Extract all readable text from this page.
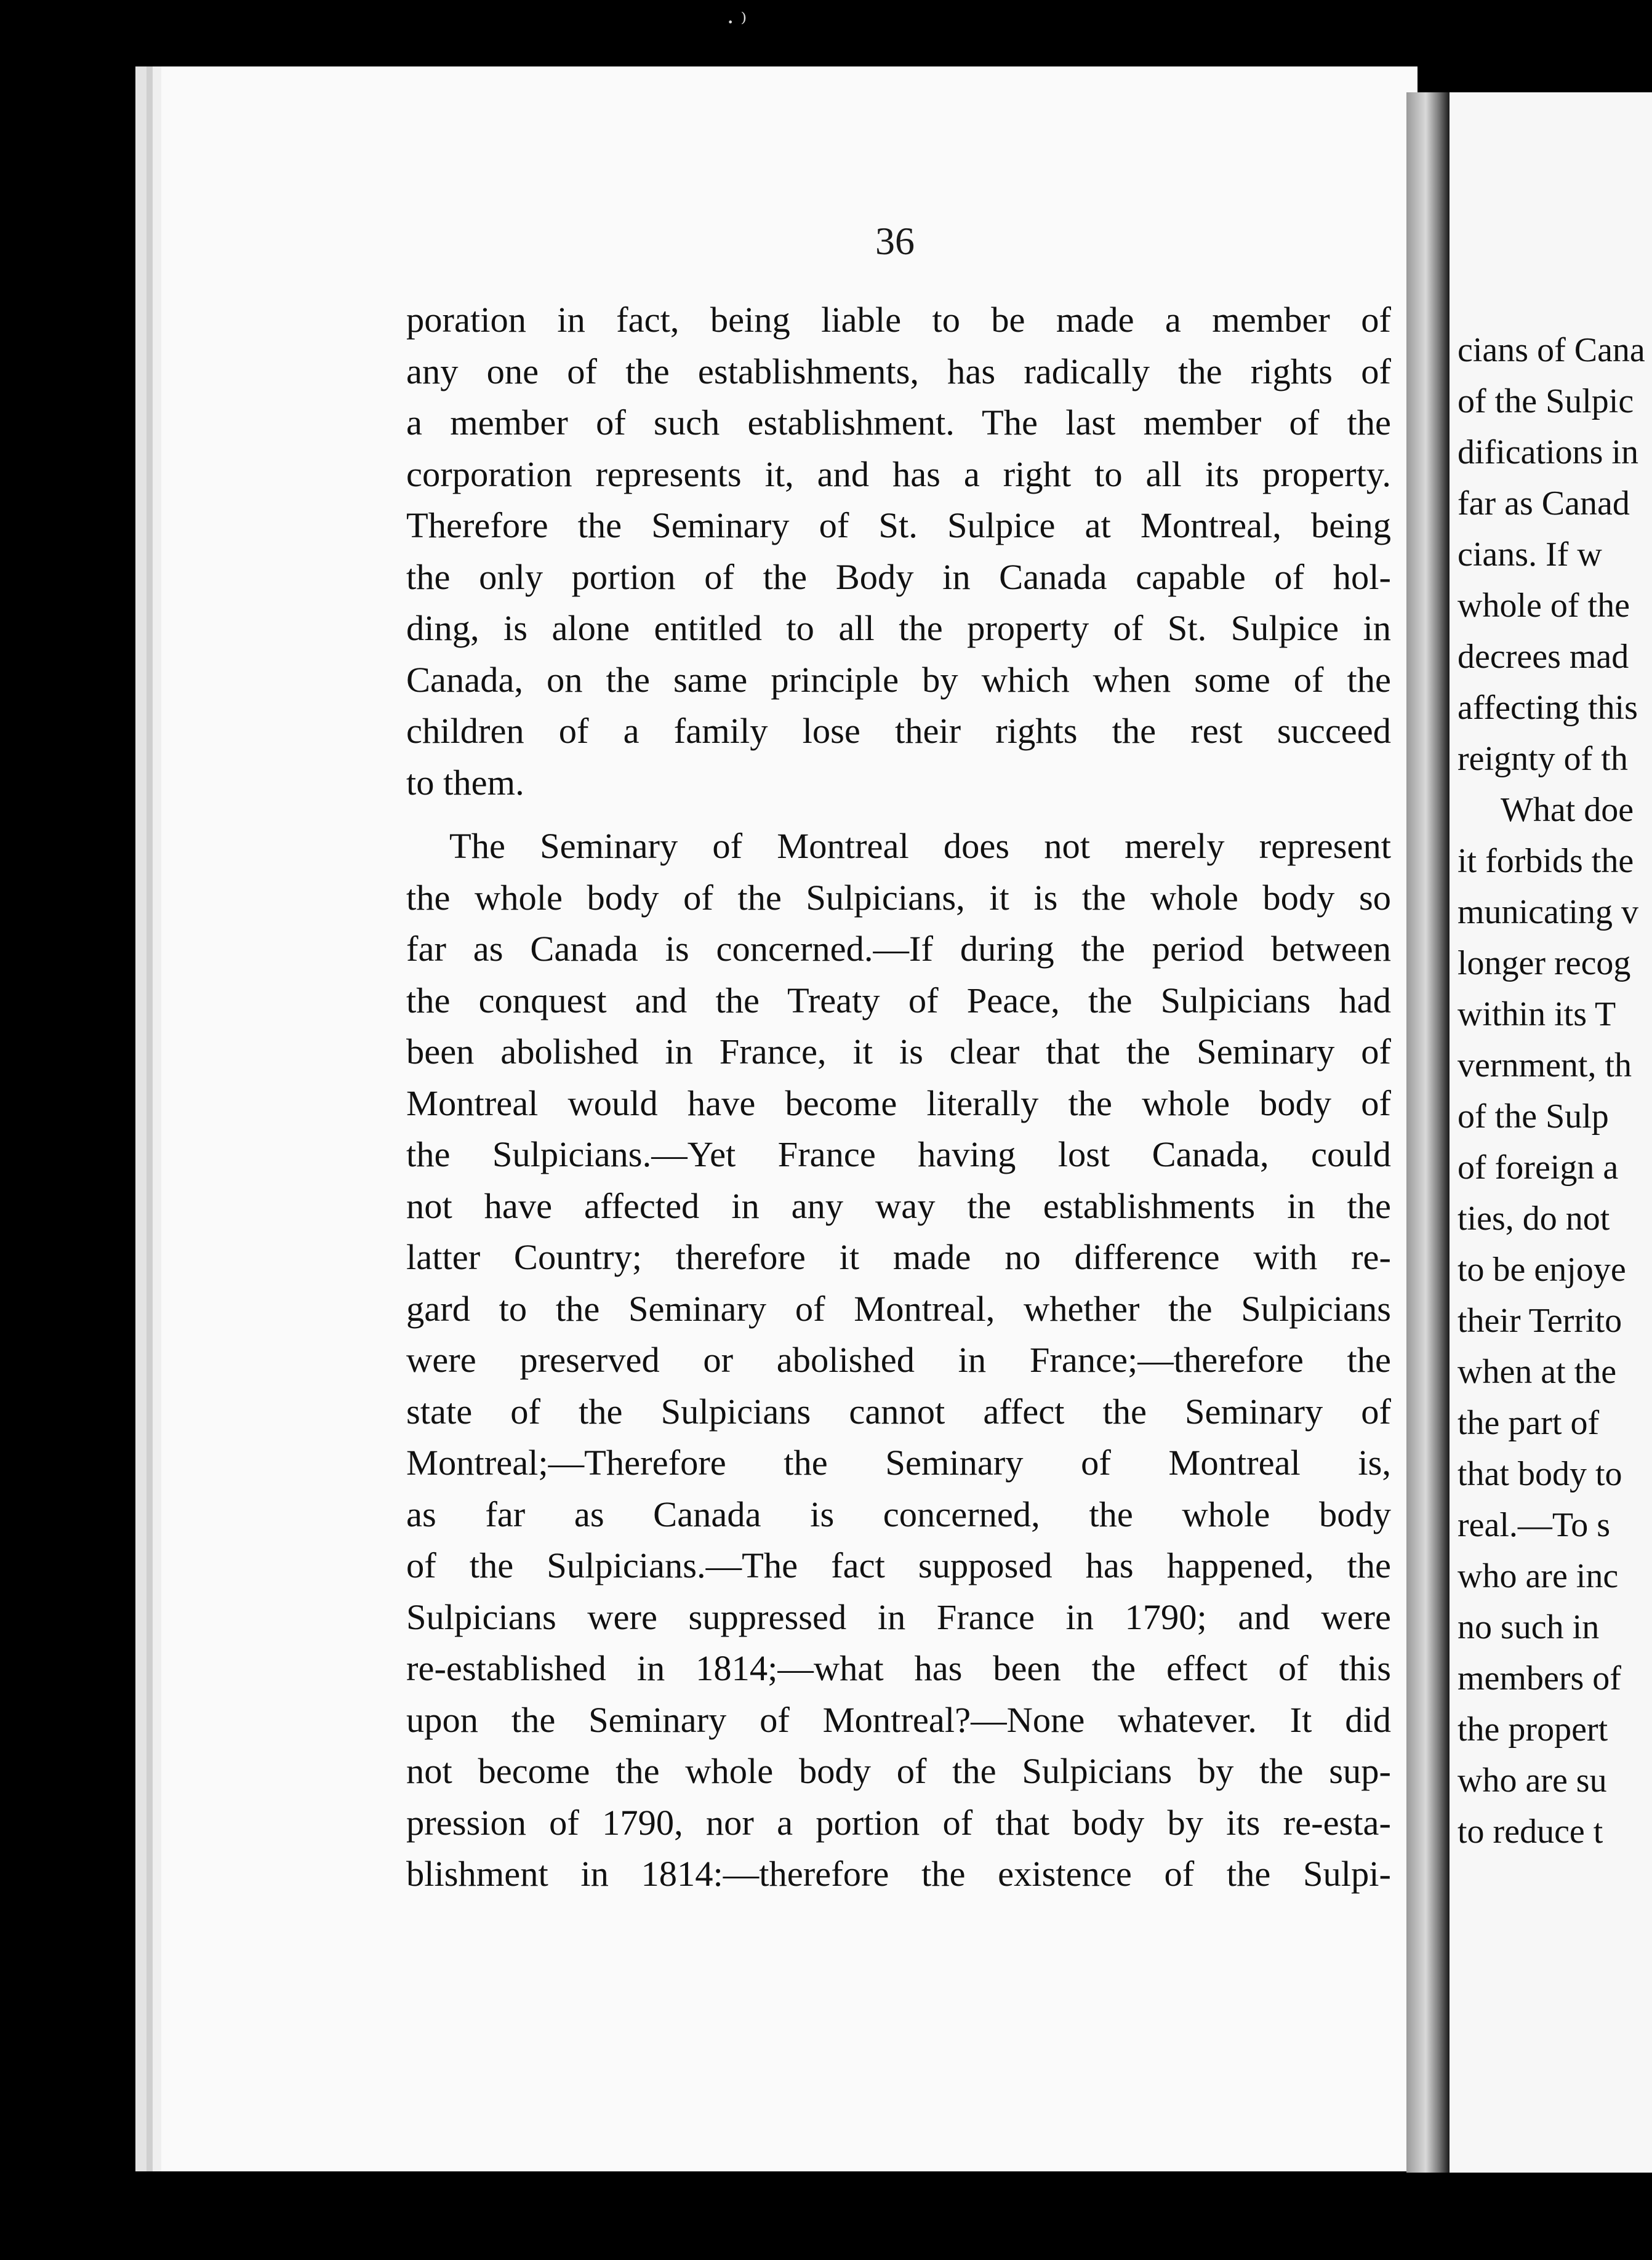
· ⁾
36
poration in fact, being liable to be made a member of
any one of the establishments, has radically the rights of
a member of such establishment. The last member of the
corporation represents it, and has a right to all its property.
Therefore the Seminary of St. Sulpice at Montreal, being
the only portion of the Body in Canada capable of hol-
ding, is alone entitled to all the property of St. Sulpice in
Canada, on the same principle by which when some of the
children of a family lose their rights the rest succeed
to them.
The Seminary of Montreal does not merely represent
the whole body of the Sulpicians, it is the whole body so
far as Canada is concerned.—If during the period between
the conquest and the Treaty of Peace, the Sulpicians had
been abolished in France, it is clear that the Seminary of
Montreal would have become literally the whole body of
the Sulpicians.—Yet France having lost Canada, could
not have affected in any way the establishments in the
latter Country; therefore it made no difference with re-
gard to the Seminary of Montreal, whether the Sulpicians
were preserved or abolished in France;—therefore the
state of the Sulpicians cannot affect the Seminary of
Montreal;—Therefore the Seminary of Montreal is,
as far as Canada is concerned, the whole body
of the Sulpicians.—The fact supposed has happened, the
Sulpicians were suppressed in France in 1790; and were
re-established in 1814;—what has been the effect of this
upon the Seminary of Montreal?—None whatever. It did
not become the whole body of the Sulpicians by the sup-
pression of 1790, nor a portion of that body by its re-esta-
blishment in 1814:—therefore the existence of the Sulpi-
cians of Cana
of the Sulpic
difications in
far as Canad
cians. If w
whole of the
decrees mad
affecting this
reignty of th
What doe
it forbids the
municating v
longer recog
within its T
vernment, th
of the Sulp
of foreign a
ties, do not
to be enjoye
their Territo
when at the
the part of
that body to
real.—To s
who are inc
no such in
members of
the propert
who are su
to reduce t
